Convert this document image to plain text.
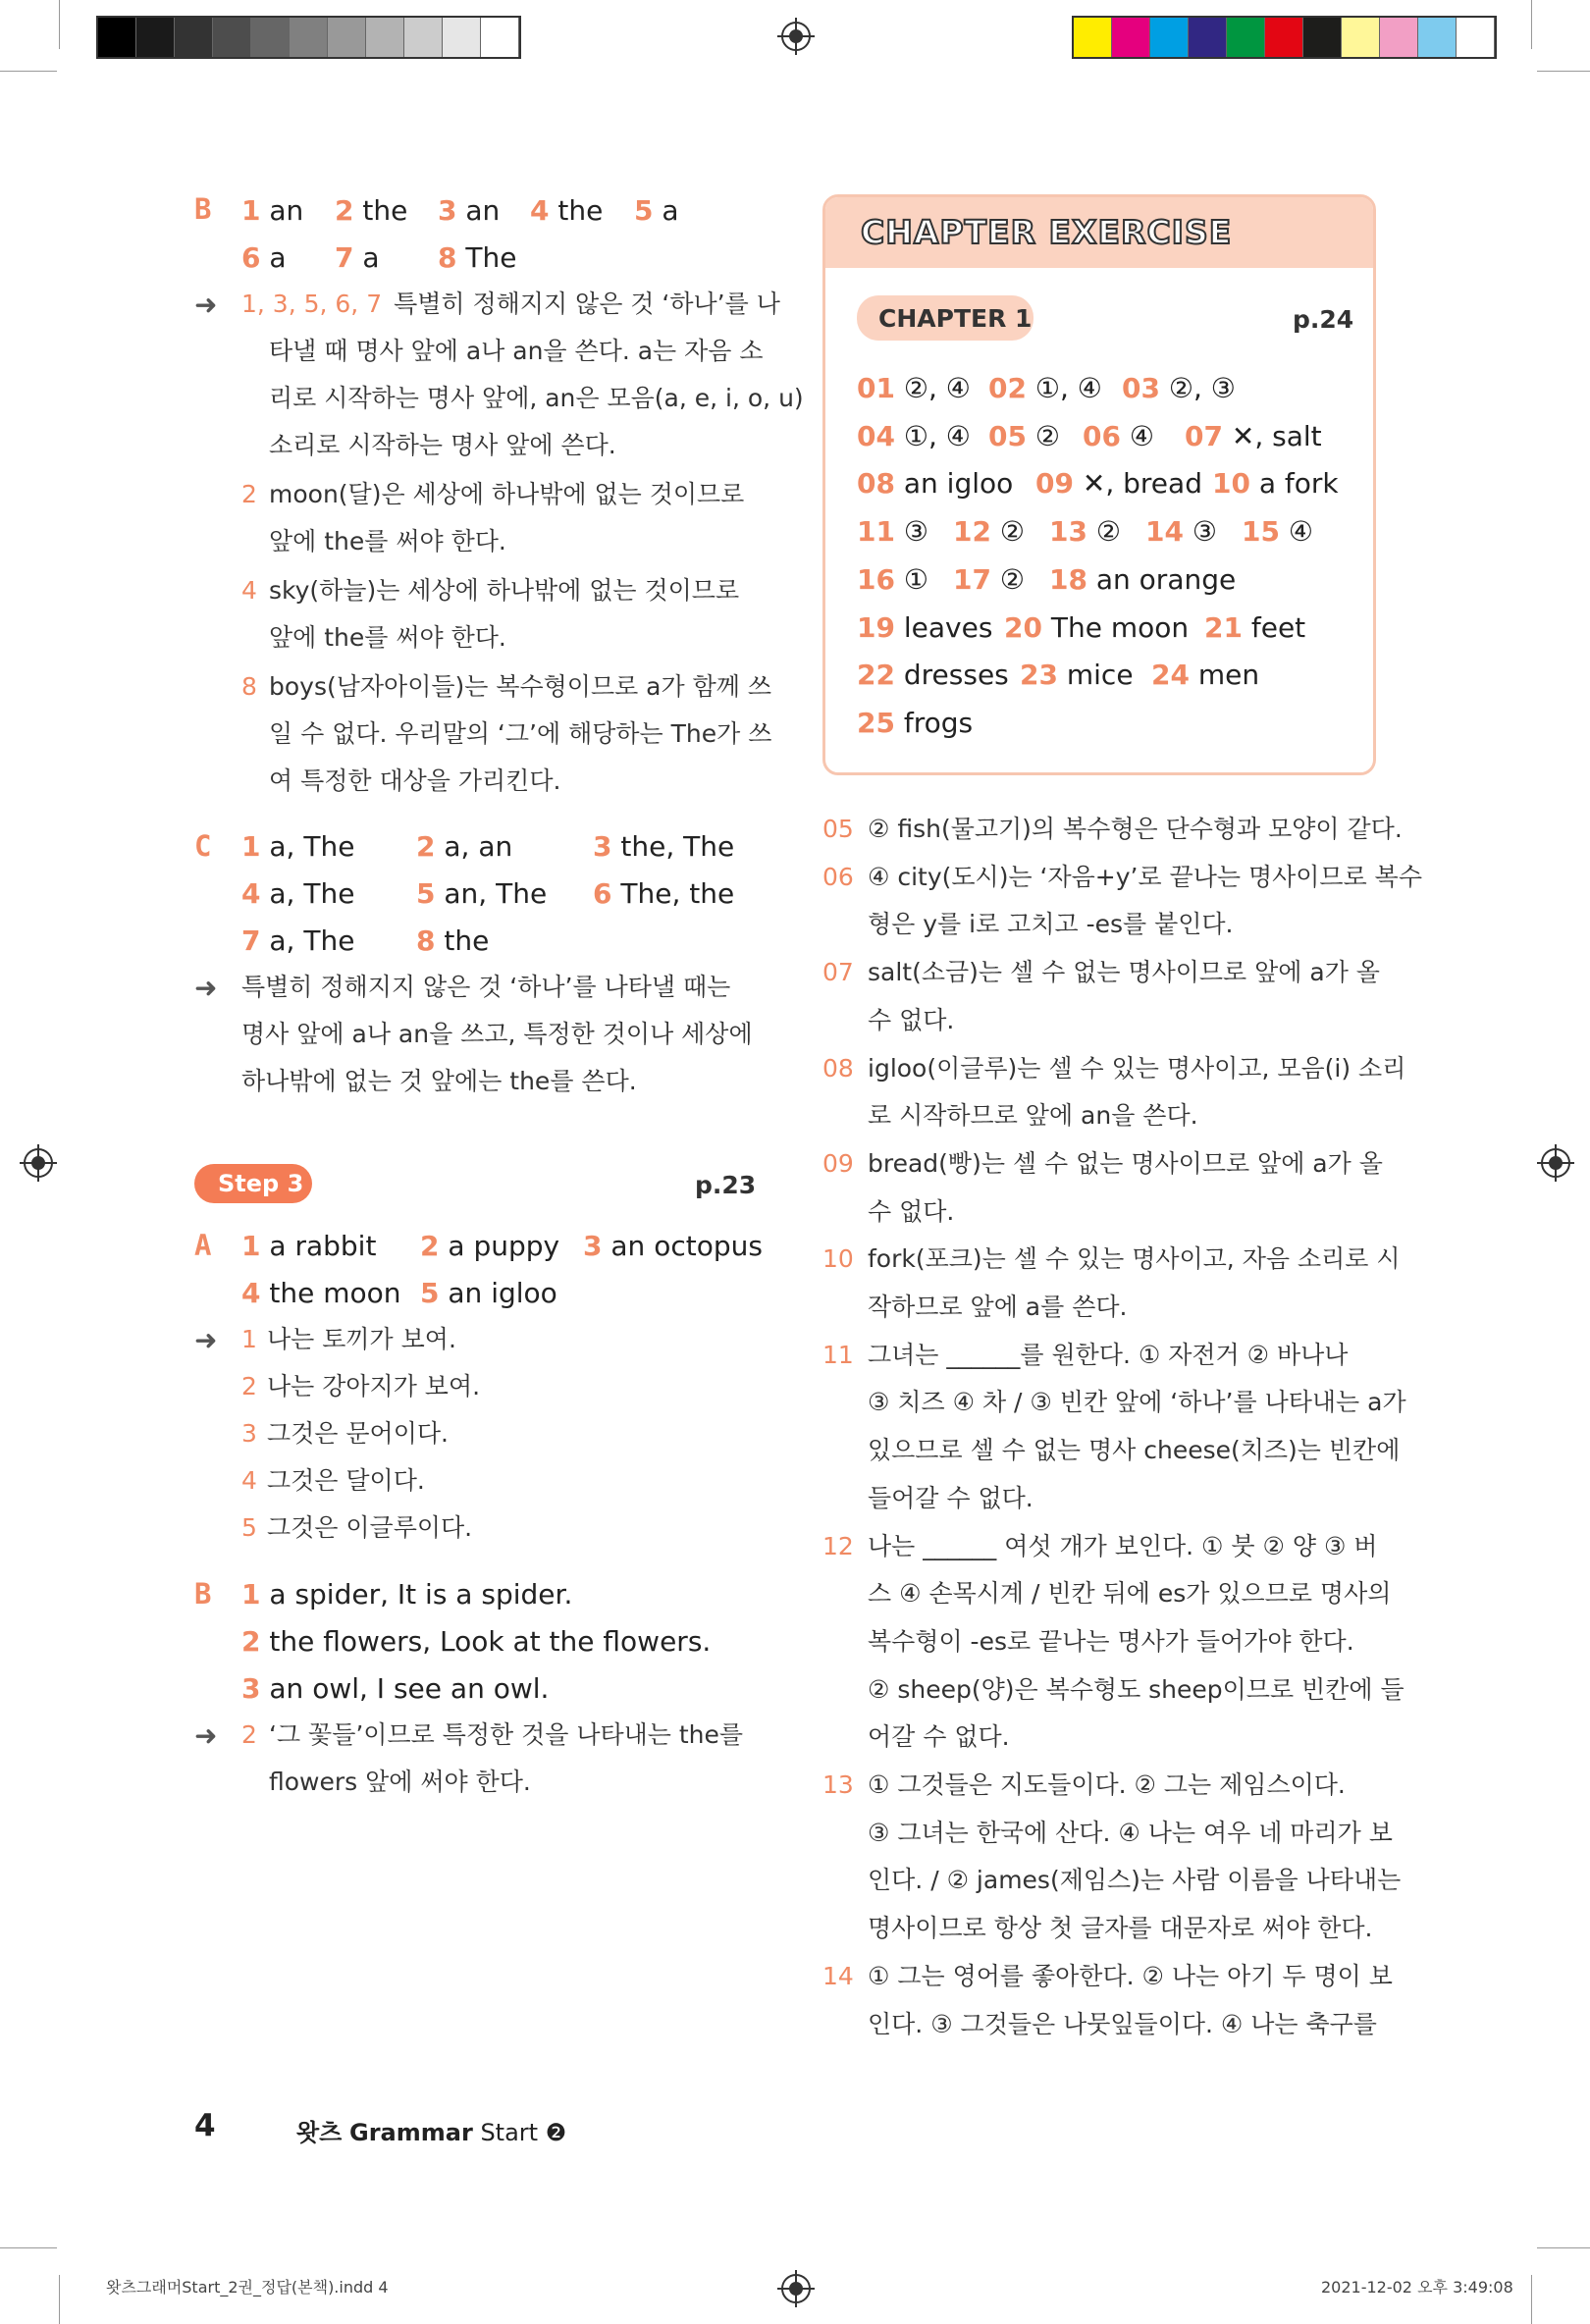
B
C
Step 3	p.23
A
B
CHAPTER EXERCISE
CHAPTER 1	p.24
01 ②, ④ 02 ①, ④ 03 ②, ③
04 ①, ④ 05 ② 06 ④ 07 ✕, salt
08 an igloo 09 ✕, bread 10 a fork
11 ③ 12 ② 13 ② 14 ③ 15 ④
16 ① 17 ② 18 an orange
19 leaves 20 The moon 21 feet
22 dresses 23 mice 24 men
25 frogs
05 ② fish(물고기)의 복수형은 단수형과 모양이 같다.
06 ④ city(도시)는 ‘자음+y’로 끝나는 명사이므로 복수
형은 y를 i로 고치고 -es를 붙인다.
07 salt(소금)는 셀 수 없는 명사이므로 앞에 a가 올
수 없다.
08 igloo(이글루)는 셀 수 있는 명사이고, 모음(i) 소리
로 시작하므로 앞에 an을 쓴다.
09 bread(빵)는 셀 수 없는 명사이므로 앞에 a가 올
수 없다.
10 fork(포크)는 셀 수 있는 명사이고, 자음 소리로 시
작하므로 앞에 a를 쓴다.
11 그녀는 ______를 원한다. ① 자전거 ② 바나나
③ 치즈 ④ 차 / ③ 빈칸 앞에 ‘하나’를 나타내는 a가
있으므로 셀 수 없는 명사 cheese(치즈)는 빈칸에
들어갈 수 없다.
12 나는 ______ 여섯 개가 보인다. ① 붓 ② 양 ③ 버
스 ④ 손목시계 / 빈칸 뒤에 es가 있으므로 명사의
복수형이 -es로 끝나는 명사가 들어가야 한다.
② sheep(양)은 복수형도 sheep이므로 빈칸에 들
어갈 수 없다.
13 ① 그것들은 지도들이다. ② 그는 제임스이다.
③ 그녀는 한국에 산다. ④ 나는 여우 네 마리가 보
인다. / ② james(제임스)는 사람 이름을 나타내는
명사이므로 항상 첫 글자를 대문자로 써야 한다.
14 ① 그는 영어를 좋아한다. ② 나는 아기 두 명이 보
인다. ③ 그것들은 나뭇잎들이다. ④ 나는 축구를
4	왓츠 Grammar Start ❷
왓츠그래머Start_2권_정답(본책).indd 4	2021-12-02 오후 3:49:08
1 an 2 the 3 an 4 the 5 a
6 a 7 a 8 The
➜ 1, 3, 5, 6, 7 특별히 정해지지 않은 것 ‘하나’를 나
타낼 때 명사 앞에 a나 an을 쓴다. a는 자음 소
리로 시작하는 명사 앞에, an은 모음(a, e, i, o, u)
소리로 시작하는 명사 앞에 쓴다.
2 moon(달)은 세상에 하나밖에 없는 것이므로
앞에 the를 써야 한다.
4 sky(하늘)는 세상에 하나밖에 없는 것이므로
앞에 the를 써야 한다.
8 boys(남자아이들)는 복수형이므로 a가 함께 쓰
일 수 없다. 우리말의 ‘그’에 해당하는 The가 쓰
여 특정한 대상을 가리킨다.
1 a, The 2 a, an	3 the, The
4 a, The 5 an, The 6 The, the
7 a, The 8 the
➜ 특별히 정해지지 않은 것 ‘하나’를 나타낼 때는
명사 앞에 a나 an을 쓰고, 특정한 것이나 세상에
하나밖에 없는 것 앞에는 the를 쓴다.
1 a rabbit 2 a puppy 3 an octopus
4 the moon 5 an igloo
➜ 1 나는 토끼가 보여.
2 나는 강아지가 보여.
3 그것은 문어이다.
4 그것은 달이다.
5 그것은 이글루이다.
1 a spider, It is a spider.
2 the flowers, Look at the flowers.
3 an owl, I see an owl.
➜ 2 ‘그 꽃들’이므로 특정한 것을 나타내는 the를
flowers 앞에 써야 한다.
